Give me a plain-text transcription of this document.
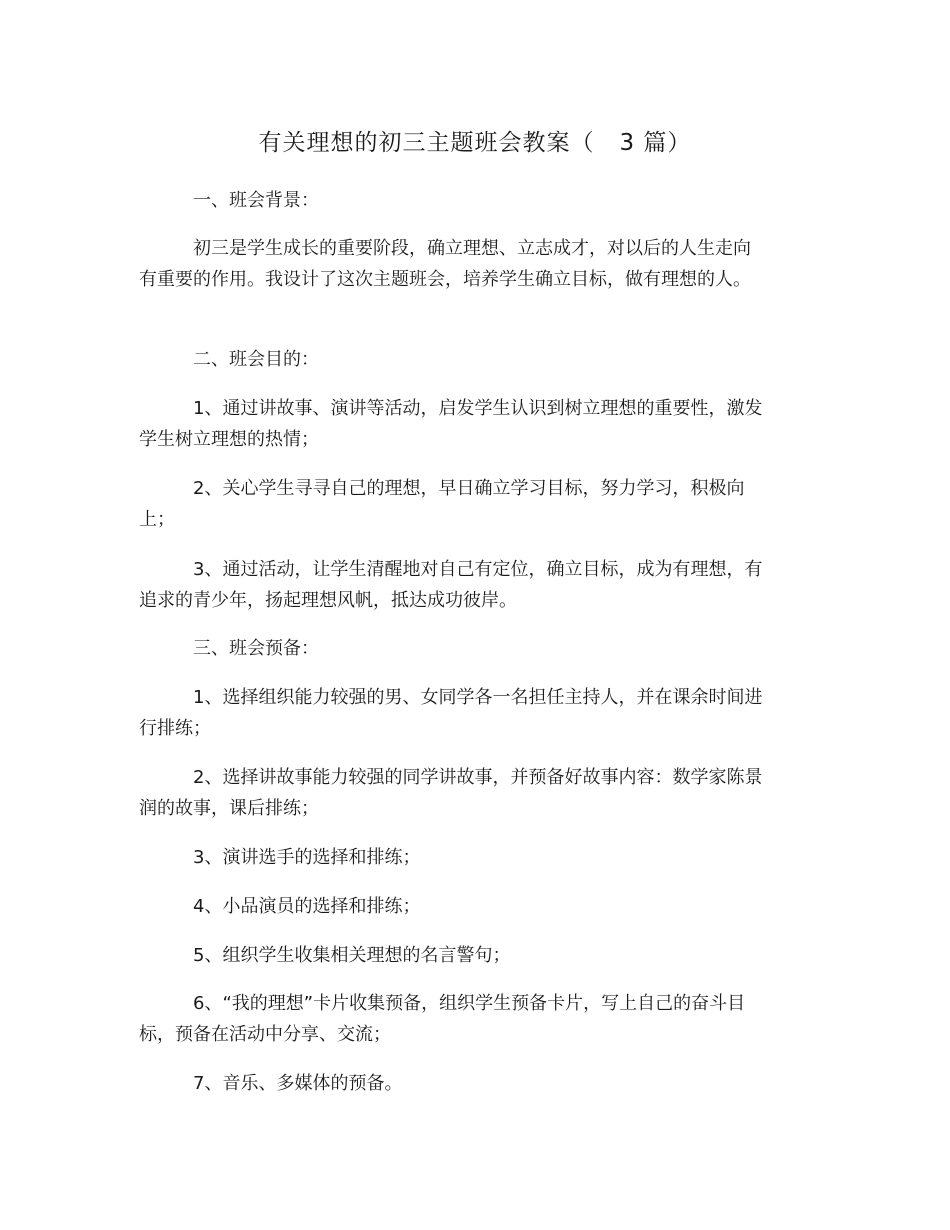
有关理想的初三主题班会教案（   3 篇）

一、班会背景：

初三是学生成长的重要阶段，确立理想、立志成才，对以后的人生走向有重要的作用。我设计了这次主题班会，培养学生确立目标，做有理想的人。

二、班会目的：

1、通过讲故事、演讲等活动，启发学生认识到树立理想的重要性，激发学生树立理想的热情；

2、关心学生寻寻自己的理想，早日确立学习目标，努力学习，积极向上；

3、通过活动，让学生清醒地对自己有定位，确立目标，成为有理想，有追求的青少年，扬起理想风帆，抵达成功彼岸。

三、班会预备：

1、选择组织能力较强的男、女同学各一名担任主持人，并在课余时间进行排练；

2、选择讲故事能力较强的同学讲故事，并预备好故事内容：数学家陈景润的故事，课后排练；

3、演讲选手的选择和排练；

4、小品演员的选择和排练；

5、组织学生收集相关理想的名言警句；

6、“我的理想”卡片收集预备，组织学生预备卡片，写上自己的奋斗目标，预备在活动中分享、交流；

7、音乐、多媒体的预备。
